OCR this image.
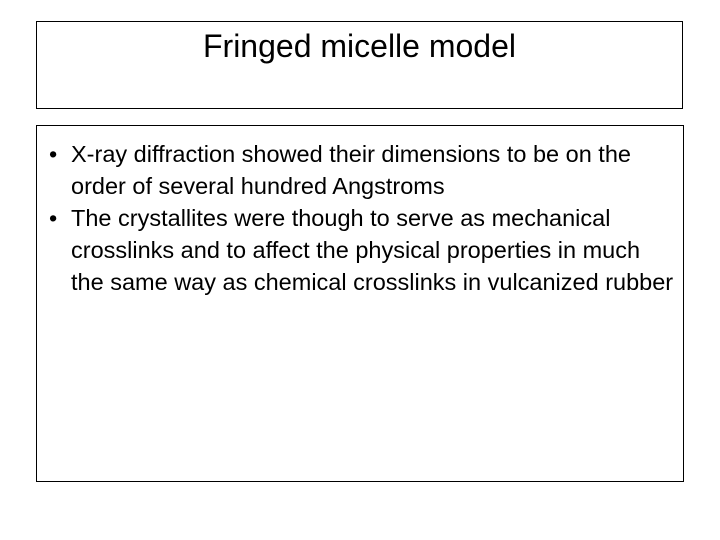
Fringed micelle model
• X-ray diffraction showed their dimensions to be on the order of several hundred Angstroms
• The crystallites were though to serve as mechanical crosslinks and to affect the physical properties in much the same way as chemical crosslinks in vulcanized rubber
